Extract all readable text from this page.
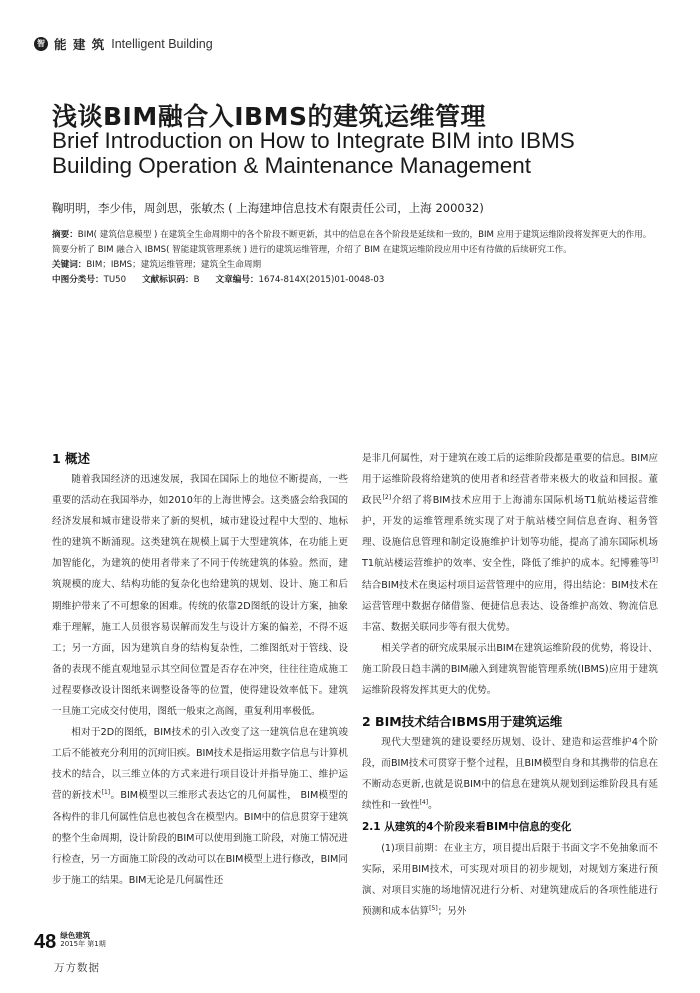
智 能 建 筑 Intelligent Building
浅谈BIM融合入IBMS的建筑运维管理
Brief Introduction on How to Integrate BIM into IBMS
Building Operation & Maintenance Management
鞠明明，李少伟，周剑思，张敏杰 ( 上海建坤信息技术有限责任公司，上海 200032)

摘要：BIM( 建筑信息模型 ) 在建筑全生命周期中的各个阶段不断更新，其中的信息在各个阶段是延续和一致的，BIM 应用于建筑运维阶段将发挥更大的作用。简要分析了 BIM 融合入 IBMS( 智能建筑管理系统 ) 进行的建筑运维管理，介绍了 BIM 在建筑运维阶段应用中还有待做的后续研究工作。

关键词：BIM；IBMS；建筑运维管理；建筑全生命周期

中图分类号：TU50 文献标识码：B 文章编号：1674-814X(2015)01-0048-03
1 概述

随着我国经济的迅速发展，我国在国际上的地位不断提高，一些重要的活动在我国举办，如2010年的上海世博会。这类盛会给我国的经济发展和城市建设带来了新的契机，城市建设过程中大型的、地标性的建筑不断涌现。这类建筑在规模上属于大型建筑体，在功能上更加智能化，为建筑的使用者带来了不同于传统建筑的体验。然而，建筑规模的庞大、结构功能的复杂化也给建筑的规划、设计、施工和后期维护带来了不可想象的困难。传统的依靠2D图纸的设计方案，抽象难于理解，施工人员很容易误解而发生与设计方案的偏差，不得不返工；另一方面，因为建筑自身的结构复杂性，二维图纸对于管线、设备的表现不能直观地显示其空间位置是否存在冲突，往往往造成施工过程要修改设计图纸来调整设备等的位置，使得建设效率低下。建筑一旦施工完成交付使用，图纸一般束之高阁，重复利用率极低。

相对于2D的图纸，BIM技术的引入改变了这一建筑信息在建筑竣工后不能被充分利用的沉疴旧疾。BIM技术是指运用数字信息与计算机技术的结合，以三维立体的方式来进行项目设计并指导施工、维护运营的新技术[1]。BIM模型以三维形式表达它的几何属性， BIM模型的各构件的非几何属性信息也被包含在模型内。BIM中的信息贯穿于建筑的整个生命周期，设计阶段的BIM可以使用到施工阶段，对施工情况进行检查，另一方面施工阶段的改动可以在BIM模型上进行修改，BIM同步于施工的结果。BIM无论是几何属性还

是非几何属性，对于建筑在竣工后的运维阶段都是重要的信息。BIM应用于运维阶段将给建筑的使用者和经营者带来极大的收益和回报。董政民[2]介绍了将BIM技术应用于上海浦东国际机场T1航站楼运营维护，开发的运维管理系统实现了对于航站楼空间信息查询、租务管理、设施信息管理和制定设施维护计划等功能，提高了浦东国际机场T1航站楼运营维护的效率、安全性，降低了维护的成本。纪博雅等[3]结合BIM技术在奥运村项目运营管理中的应用，得出结论：BIM技术在运营管理中数据存储借鉴、便捷信息表达、设备维护高效、物流信息丰富、数据关联同步等有很大优势。

相关学者的研究成果展示出BIM在建筑运维阶段的优势，将设计、施工阶段日趋丰满的BIM融入到建筑智能管理系统(IBMS)应用于建筑运维阶段将发挥其更大的优势。

2 BIM技术结合IBMS用于建筑运维

现代大型建筑的建设要经历规划、设计、建造和运营维护4个阶段，而BIM技术可贯穿于整个过程，且BIM模型自身和其携带的信息在不断动态更新,也就是说BIM中的信息在建筑从规划到运维阶段具有延续性和一致性[4]。

2.1 从建筑的4个阶段来看BIM中信息的变化

(1)项目前期：在业主方，项目提出后限于书面文字不免抽象而不实际，采用BIM技术，可实现对项目的初步规划，对规划方案进行预演、对项目实施的场地情况进行分析、对建筑建成后的各项性能进行预测和成本估算[5]；另外

48 绿色建筑
2015年 第1期
万方数据
